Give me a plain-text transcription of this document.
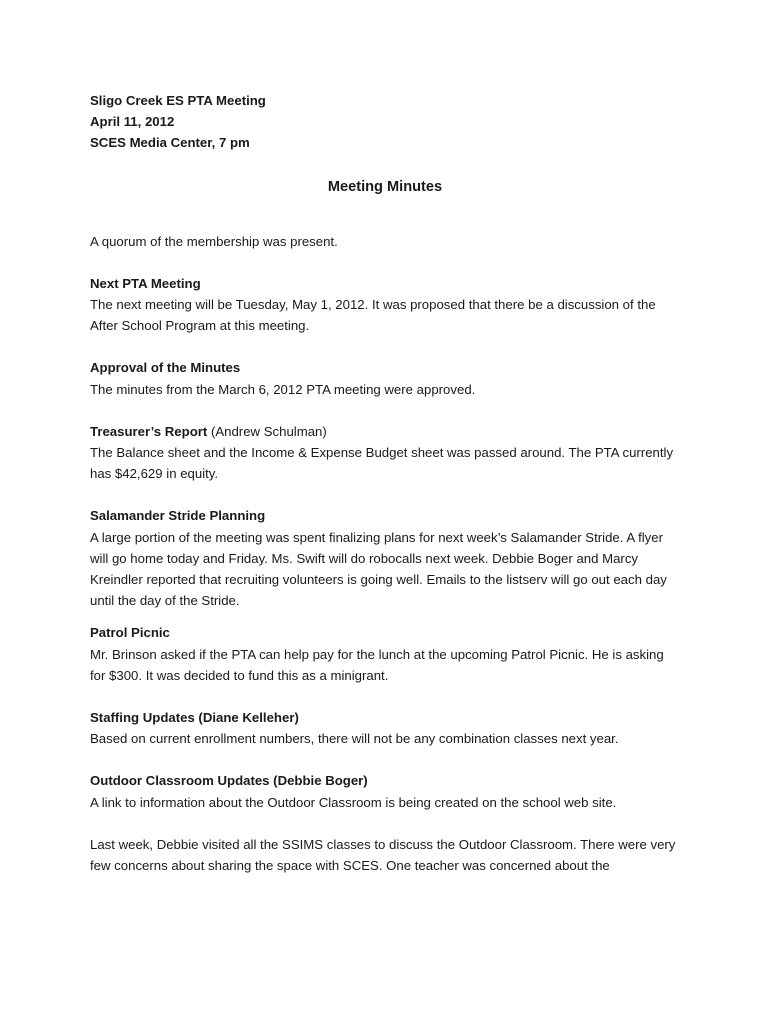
Sligo Creek ES PTA Meeting
April 11, 2012
SCES Media Center, 7 pm
Meeting Minutes

A quorum of the membership was present.

Next PTA Meeting

The next meeting will be Tuesday, May 1, 2012. It was proposed that there be a discussion of the After School Program at this meeting.

Approval of the Minutes

The minutes from the March 6, 2012 PTA meeting were approved.

Treasurer’s Report (Andrew Schulman)

The Balance sheet and the Income & Expense Budget sheet was passed around. The PTA currently has $42,629 in equity.

Salamander Stride Planning

A large portion of the meeting was spent finalizing plans for next week’s Salamander Stride. A flyer will go home today and Friday. Ms. Swift will do robocalls next week. Debbie Boger and Marcy Kreindler reported that recruiting volunteers is going well. Emails to the listserv will go out each day until the day of the Stride.

Patrol Picnic

Mr. Brinson asked if the PTA can help pay for the lunch at the upcoming Patrol Picnic. He is asking for $300. It was decided to fund this as a minigrant.

Staffing Updates (Diane Kelleher)

Based on current enrollment numbers, there will not be any combination classes next year.

Outdoor Classroom Updates (Debbie Boger)

A link to information about the Outdoor Classroom is being created on the school web site.

Last week, Debbie visited all the SSIMS classes to discuss the Outdoor Classroom. There were very few concerns about sharing the space with SCES. One teacher was concerned about the
